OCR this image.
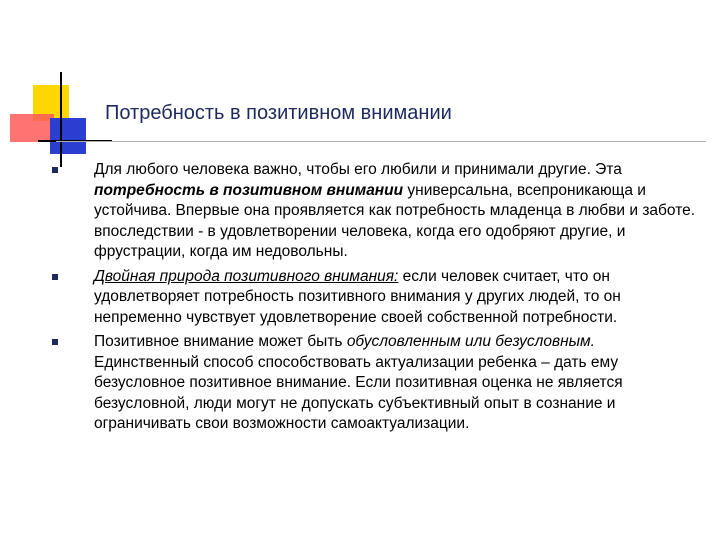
Потребность в позитивном внимании
Для любого человека важно, чтобы его любили и принимали другие. Эта потребность в позитивном внимании универсальна, всепроникающа и устойчива. Впервые она проявляется как потребность младенца в любви и заботе. впоследствии - в удовлетворении человека, когда его одобряют другие, и фрустрации, когда им недовольны.
Двойная природа позитивного внимания: если человек считает, что он удовлетворяет потребность позитивного внимания у других людей, то он непременно чувствует удовлетворение своей собственной потребности.
Позитивное внимание может быть обусловленным или безусловным. Единственный способ способствовать актуализации ребенка – дать ему безусловное позитивное внимание. Если позитивная оценка не является безусловной, люди могут не допускать субъективный опыт в сознание и ограничивать свои возможности самоактуализации.
